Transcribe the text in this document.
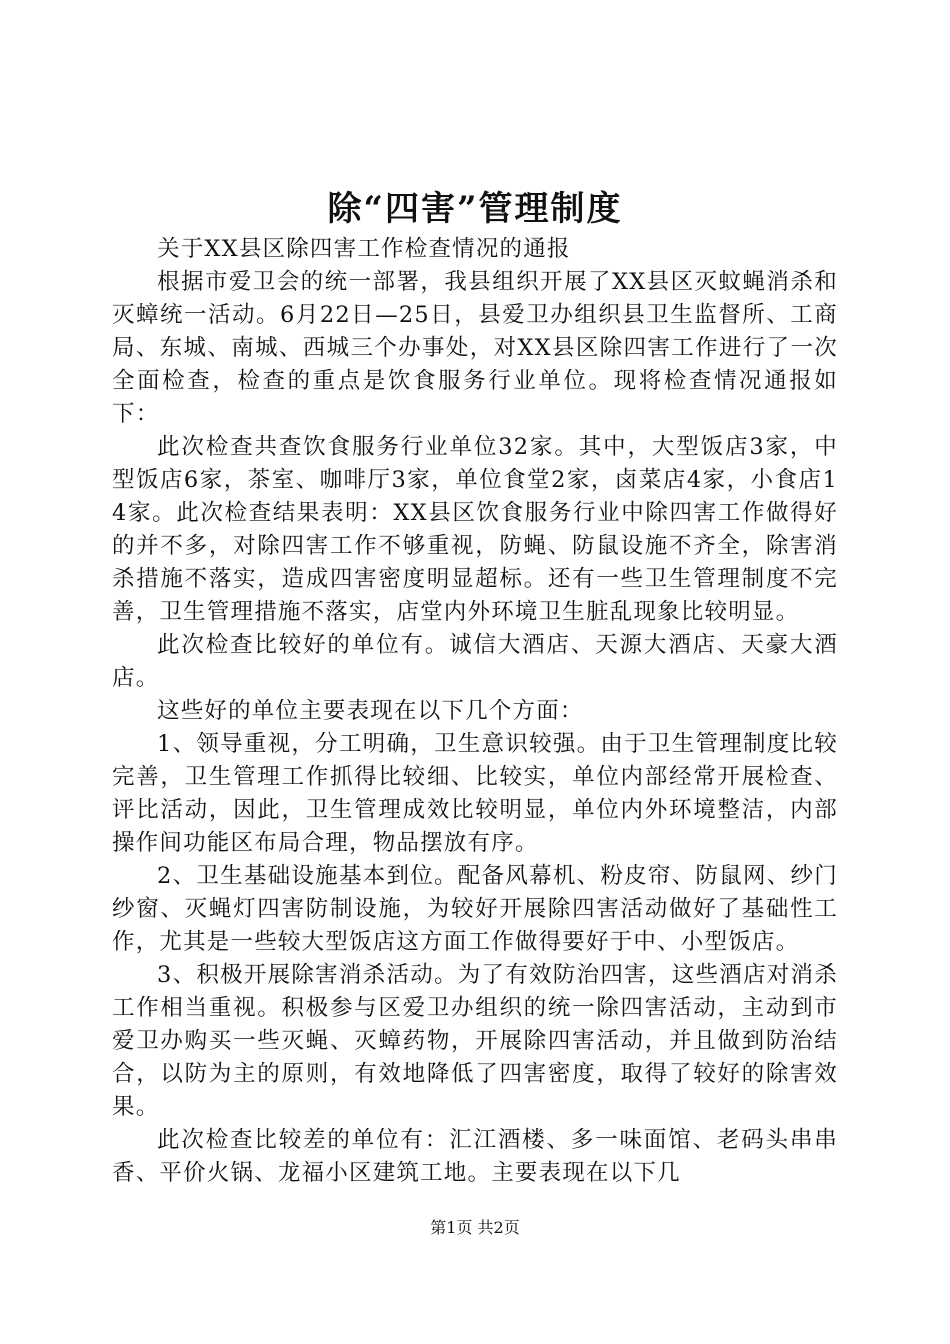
除“四害”管理制度

关于XX县区除四害工作检查情况的通报

根据市爱卫会的统一部署，我县组织开展了XX县区灭蚊蝇消杀和灭蟑统一活动。6月22日—25日，县爱卫办组织县卫生监督所、工商局、东城、南城、西城三个办事处，对XX县区除四害工作进行了一次全面检查，检查的重点是饮食服务行业单位。现将检查情况通报如下：

此次检查共查饮食服务行业单位32家。其中，大型饭店3家，中型饭店6家，茶室、咖啡厅3家，单位食堂2家，卤菜店4家，小食店14家。此次检查结果表明：XX县区饮食服务行业中除四害工作做得好的并不多，对除四害工作不够重视，防蝇、防鼠设施不齐全，除害消杀措施不落实，造成四害密度明显超标。还有一些卫生管理制度不完善，卫生管理措施不落实，店堂内外环境卫生脏乱现象比较明显。

此次检查比较好的单位有。诚信大酒店、天源大酒店、天豪大酒店。

这些好的单位主要表现在以下几个方面：

1、领导重视，分工明确，卫生意识较强。由于卫生管理制度比较完善，卫生管理工作抓得比较细、比较实，单位内部经常开展检查、评比活动，因此，卫生管理成效比较明显，单位内外环境整洁，内部操作间功能区布局合理，物品摆放有序。

2、卫生基础设施基本到位。配备风幕机、粉皮帘、防鼠网、纱门纱窗、灭蝇灯四害防制设施，为较好开展除四害活动做好了基础性工作，尤其是一些较大型饭店这方面工作做得要好于中、小型饭店。

3、积极开展除害消杀活动。为了有效防治四害，这些酒店对消杀工作相当重视。积极参与区爱卫办组织的统一除四害活动，主动到市爱卫办购买一些灭蝇、灭蟑药物，开展除四害活动，并且做到防治结合，以防为主的原则，有效地降低了四害密度，取得了较好的除害效果。

此次检查比较差的单位有：汇江酒楼、多一味面馆、老码头串串香、平价火锅、龙福小区建筑工地。主要表现在以下几

第1页 共2页
